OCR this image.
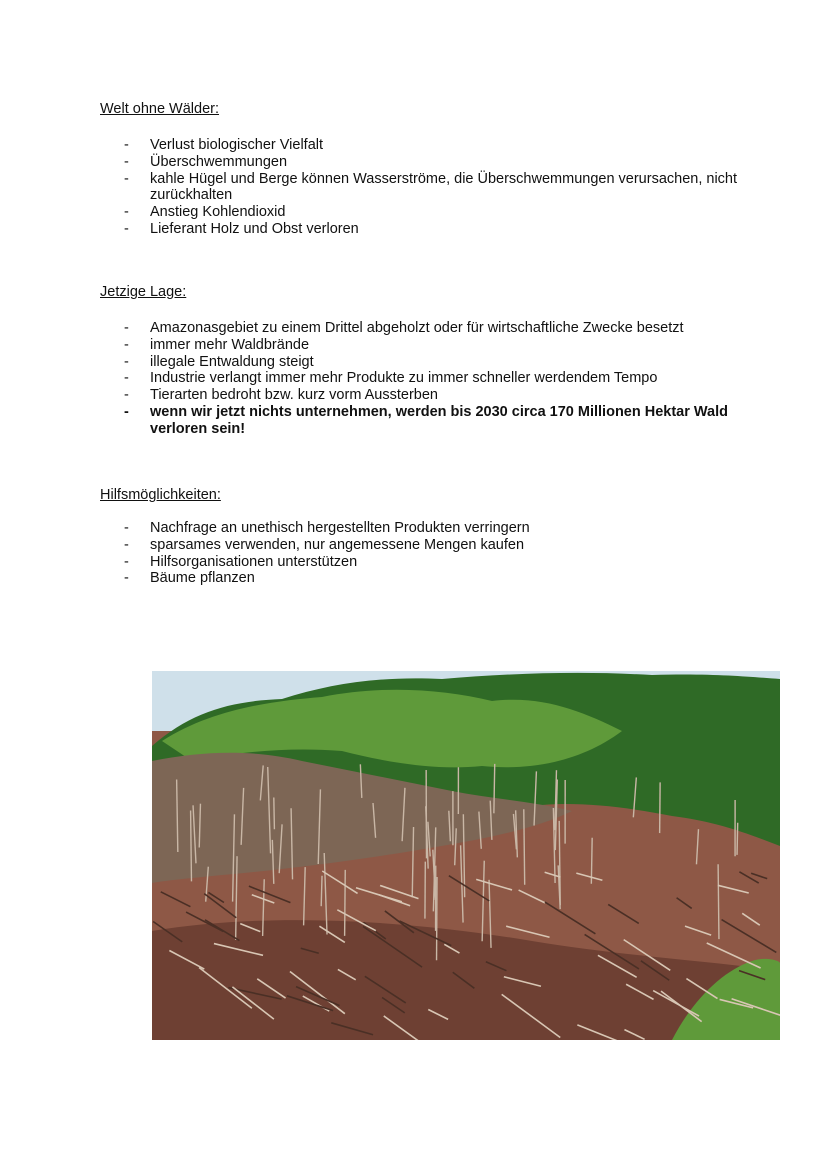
Welt ohne Wälder:

- Verlust biologischer Vielfalt
- Überschwemmungen
- kahle Hügel und Berge können Wasserströme, die Überschwemmungen verursachen, nicht zurückhalten
- Anstieg Kohlendioxid
- Lieferant Holz und Obst verloren

Jetzige Lage:

- Amazonasgebiet zu einem Drittel abgeholzt oder für wirtschaftliche Zwecke besetzt
- immer mehr Waldbrände
- illegale Entwaldung steigt
- Industrie verlangt immer mehr Produkte zu immer schneller werdendem Tempo
- Tierarten bedroht bzw. kurz vorm Aussterben
- wenn wir jetzt nichts unternehmen, werden bis 2030 circa 170 Millionen Hektar Wald verloren sein!

Hilfsmöglichkeiten:

- Nachfrage an unethisch hergestellten Produkten verringern
- sparsames verwenden, nur angemessene Mengen kaufen
- Hilfsorganisationen unterstützen
- Bäume pflanzen
